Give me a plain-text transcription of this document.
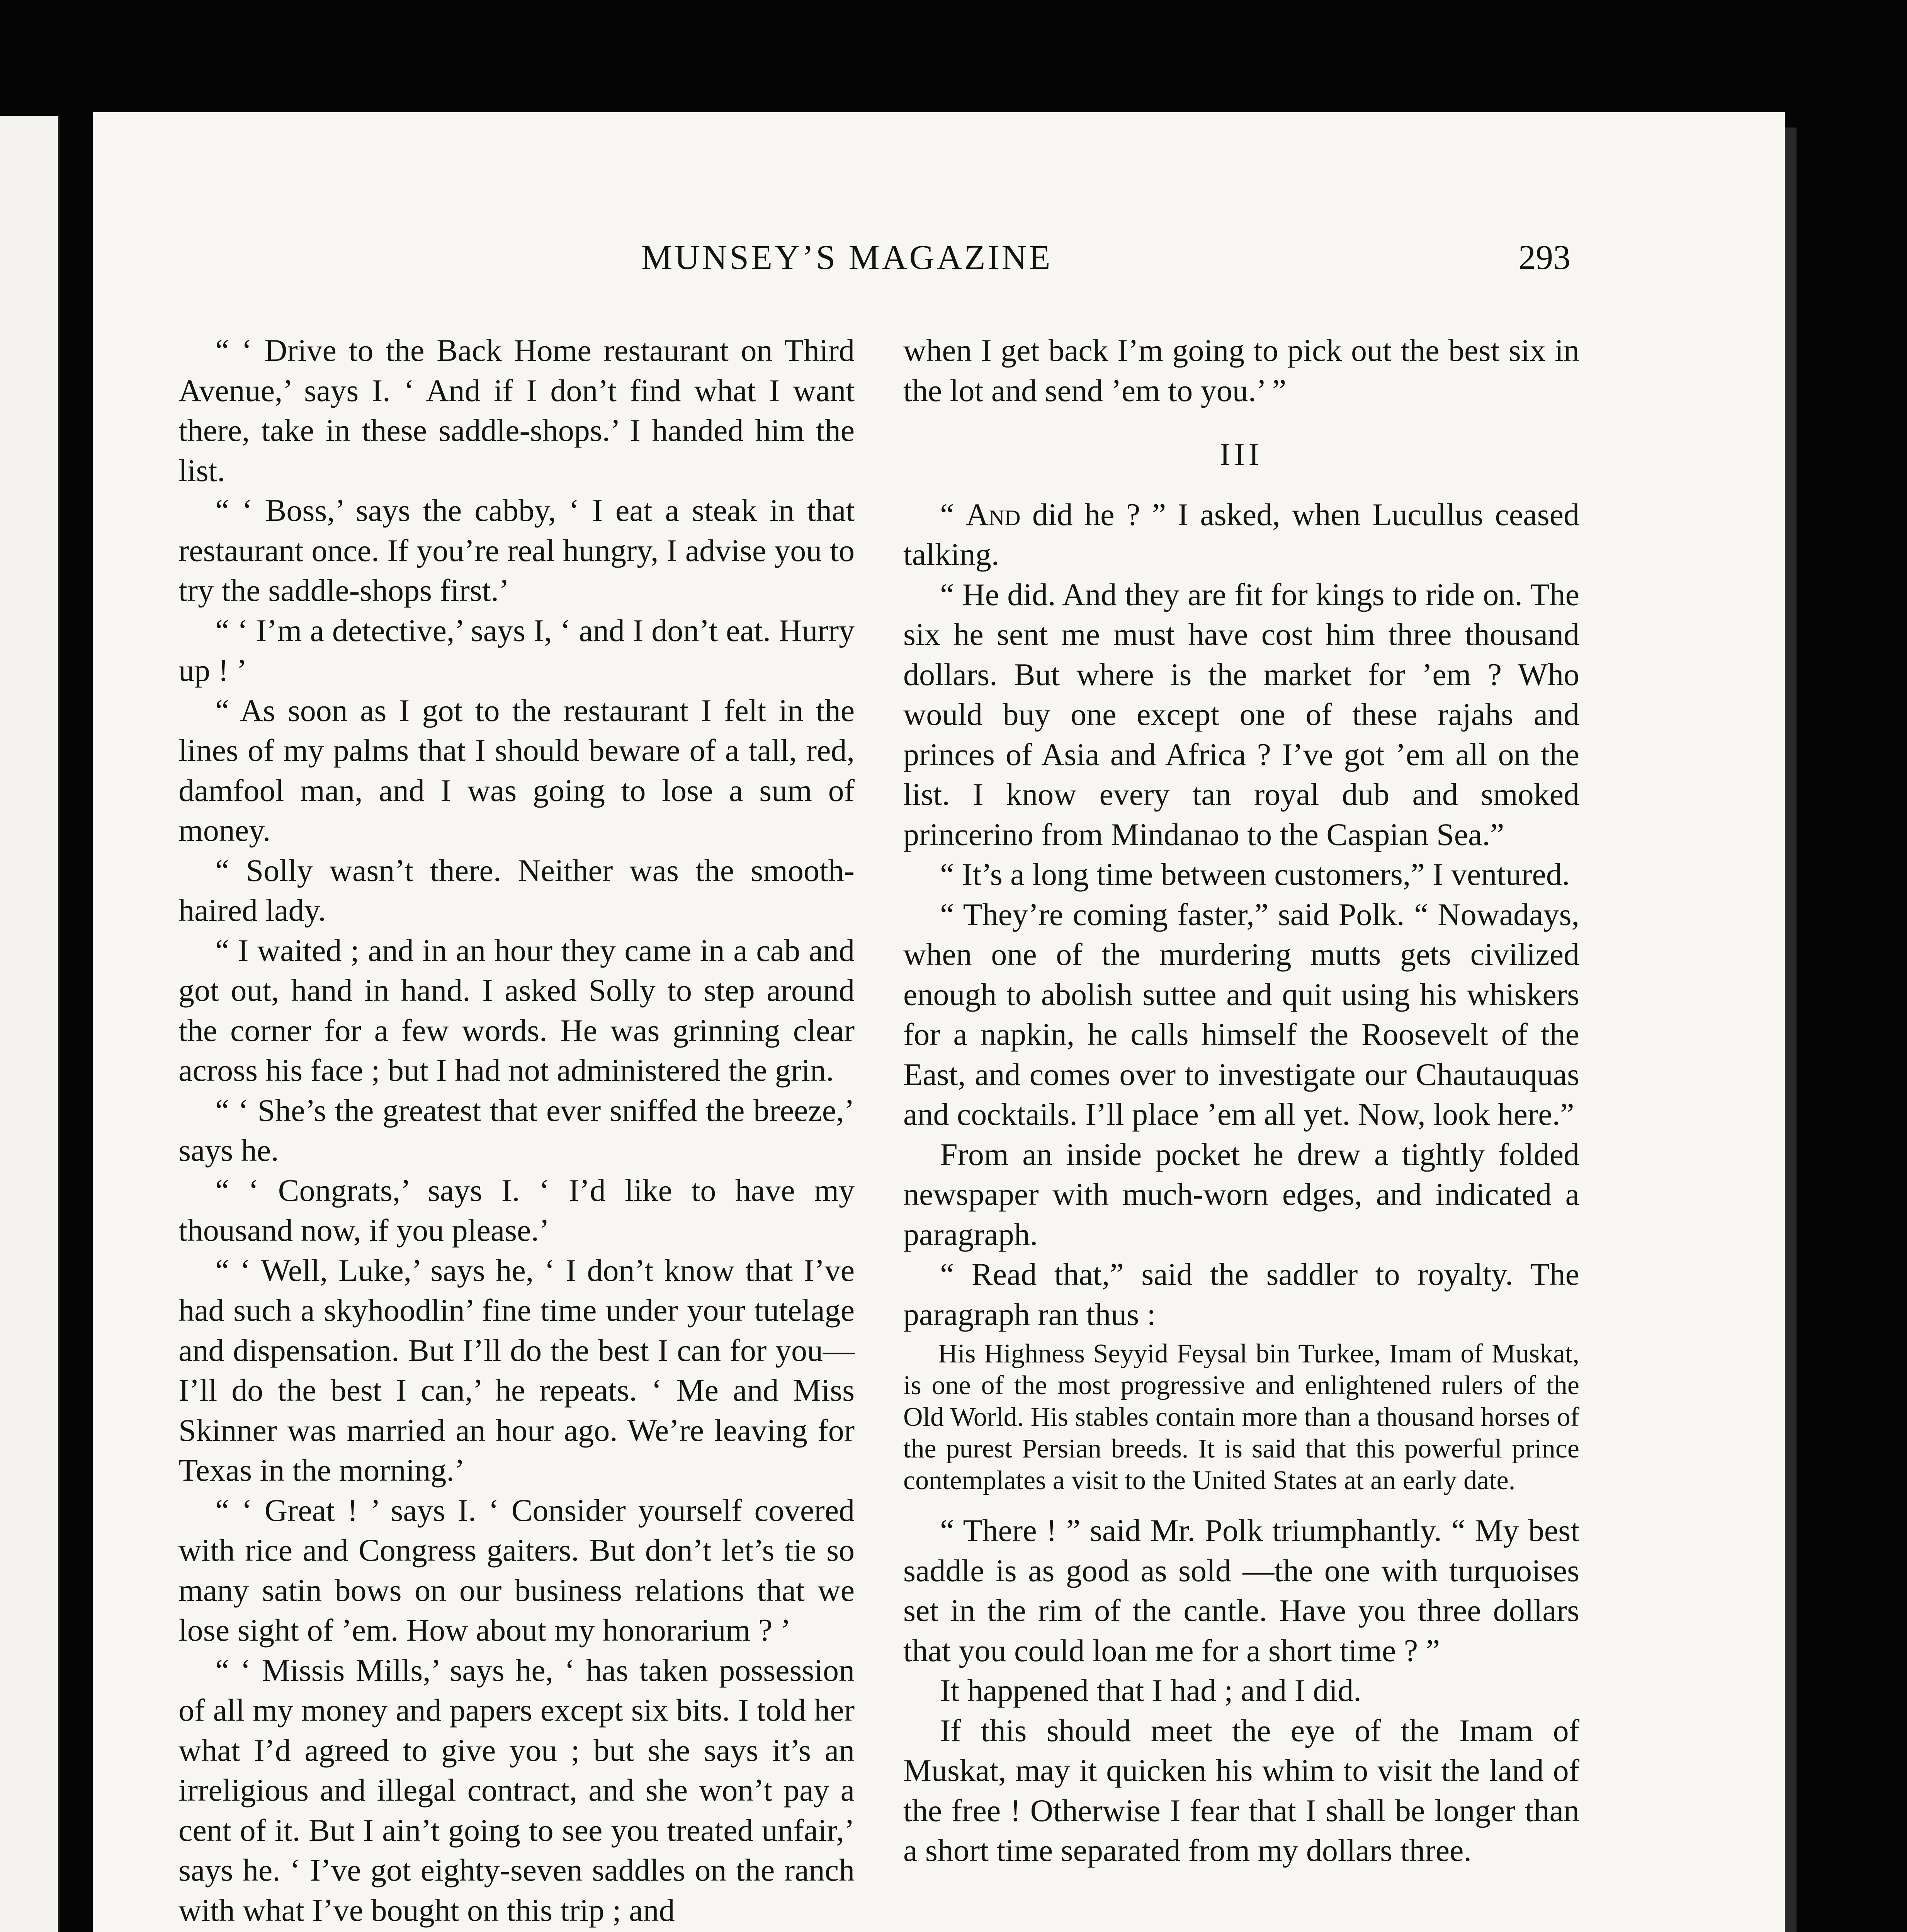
MUNSEY’S MAGAZINE	293

“ ‘ Drive to the Back Home restaurant on Third Avenue,’ says I. ‘ And if I don’t find what I want there, take in these saddle-shops.’ I handed him the list.

“ ‘ Boss,’ says the cabby, ‘ I eat a steak in that restaurant once. If you’re real hungry, I advise you to try the saddle-shops first.’

“ ‘ I’m a detective,’ says I, ‘ and I don’t eat. Hurry up ! ’

“ As soon as I got to the restaurant I felt in the lines of my palms that I should beware of a tall, red, damfool man, and I was going to lose a sum of money.

“ Solly wasn’t there. Neither was the smooth-haired lady.

“ I waited ; and in an hour they came in a cab and got out, hand in hand. I asked Solly to step around the corner for a few words. He was grinning clear across his face ; but I had not administered the grin.

“ ‘ She’s the greatest that ever sniffed the breeze,’ says he.

“ ‘ Congrats,’ says I. ‘ I’d like to have my thousand now, if you please.’

“ ‘ Well, Luke,’ says he, ‘ I don’t know that I’ve had such a skyhoodlin’ fine time under your tutelage and dispensation. But I’ll do the best I can for you—I’ll do the best I can,’ he repeats. ‘ Me and Miss Skinner was married an hour ago. We’re leaving for Texas in the morning.’

“ ‘ Great ! ’ says I. ‘ Consider yourself covered with rice and Congress gaiters. But don’t let’s tie so many satin bows on our business relations that we lose sight of ’em. How about my honorarium ? ’

“ ‘ Missis Mills,’ says he, ‘ has taken possession of all my money and papers except six bits. I told her what I’d agreed to give you ; but she says it’s an irreligious and illegal contract, and she won’t pay a cent of it. But I ain’t going to see you treated unfair,’ says he. ‘ I’ve got eighty-seven saddles on the ranch with what I’ve bought on this trip ; and

when I get back I’m going to pick out the best six in the lot and send ’em to you.’ ”

III

“ And did he ? ” I asked, when Lucullus ceased talking.

“ He did. And they are fit for kings to ride on. The six he sent me must have cost him three thousand dollars. But where is the market for ’em ? Who would buy one except one of these rajahs and princes of Asia and Africa ? I’ve got ’em all on the list. I know every tan royal dub and smoked princerino from Mindanao to the Caspian Sea.”

“ It’s a long time between customers,” I ventured.

“ They’re coming faster,” said Polk. “ Nowadays, when one of the murdering mutts gets civilized enough to abolish suttee and quit using his whiskers for a napkin, he calls himself the Roosevelt of the East, and comes over to investigate our Chautauquas and cocktails. I’ll place ’em all yet. Now, look here.”

From an inside pocket he drew a tightly folded newspaper with much-worn edges, and indicated a paragraph.

“ Read that,” said the saddler to royalty. The paragraph ran thus :

His Highness Seyyid Feysal bin Turkee, Imam of Muskat, is one of the most progressive and enlightened rulers of the Old World. His stables contain more than a thousand horses of the purest Persian breeds. It is said that this powerful prince contemplates a visit to the United States at an early date.

“ There ! ” said Mr. Polk triumphantly. “ My best saddle is as good as sold —the one with turquoises set in the rim of the cantle. Have you three dollars that you could loan me for a short time ? ”

It happened that I had ; and I did.

If this should meet the eye of the Imam of Muskat, may it quicken his whim to visit the land of the free ! Otherwise I fear that I shall be longer than a short time separated from my dollars three.
